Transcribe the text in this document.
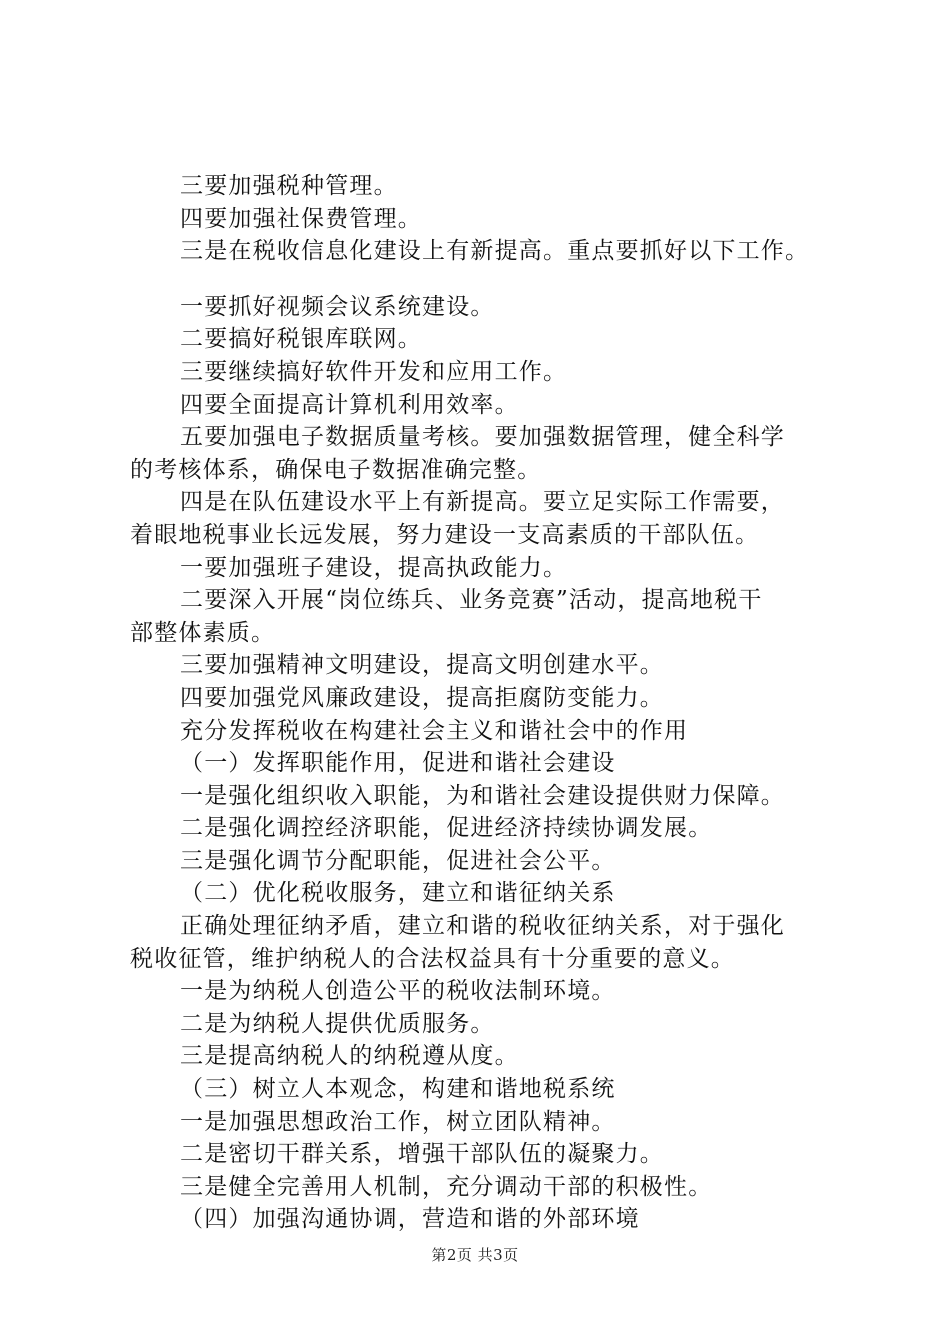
三要加强税种管理。
四要加强社保费管理。
三是在税收信息化建设上有新提高。重点要抓好以下工作。
一要抓好视频会议系统建设。
二要搞好税银库联网。
三要继续搞好软件开发和应用工作。
四要全面提高计算机利用效率。
五要加强电子数据质量考核。要加强数据管理，健全科学
的考核体系，确保电子数据准确完整。
四是在队伍建设水平上有新提高。要立足实际工作需要，
着眼地税事业长远发展，努力建设一支高素质的干部队伍。
一要加强班子建设，提高执政能力。
二要深入开展“岗位练兵、业务竞赛”活动，提高地税干
部整体素质。
三要加强精神文明建设，提高文明创建水平。
四要加强党风廉政建设，提高拒腐防变能力。
充分发挥税收在构建社会主义和谐社会中的作用
（一）发挥职能作用，促进和谐社会建设
一是强化组织收入职能，为和谐社会建设提供财力保障。
二是强化调控经济职能，促进经济持续协调发展。
三是强化调节分配职能，促进社会公平。
（二）优化税收服务，建立和谐征纳关系
正确处理征纳矛盾，建立和谐的税收征纳关系，对于强化
税收征管，维护纳税人的合法权益具有十分重要的意义。
一是为纳税人创造公平的税收法制环境。
二是为纳税人提供优质服务。
三是提高纳税人的纳税遵从度。
（三）树立人本观念，构建和谐地税系统
一是加强思想政治工作，树立团队精神。
二是密切干群关系，增强干部队伍的凝聚力。
三是健全完善用人机制，充分调动干部的积极性。
（四）加强沟通协调，营造和谐的外部环境
第2页 共3页
